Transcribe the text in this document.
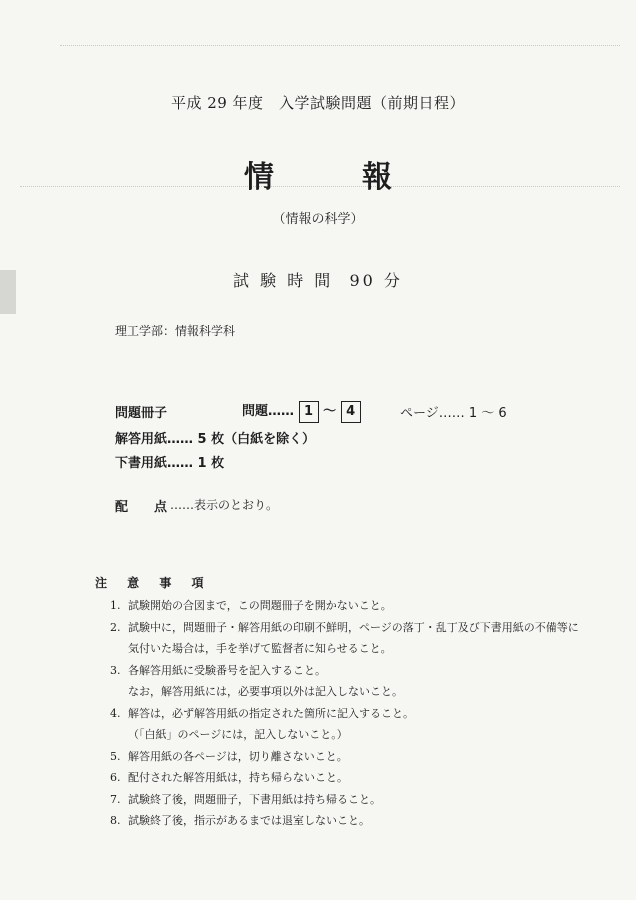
平成 29 年度　入学試験問題（前期日程）
情	報
（情報の科学）
試 験 時 間 90 分
理工学部：情報科学科
問題冊子	問題…… 1 〜 4	ページ…… 1 〜 6
解答用紙…… 5 枚（白紙を除く）
下書用紙…… 1 枚
配　　点 ……表示のとおり。
注 意 事 項
1. 試験開始の合図まで，この問題冊子を開かないこと。
2. 試験中に，問題冊子・解答用紙の印刷不鮮明，ページの落丁・乱丁及び下書用紙の不備等に
気付いた場合は，手を挙げて監督者に知らせること。
3. 各解答用紙に受験番号を記入すること。
なお，解答用紙には，必要事項以外は記入しないこと。
4. 解答は，必ず解答用紙の指定された箇所に記入すること。
（「白紙」のページには，記入しないこと。）
5. 解答用紙の各ページは，切り離さないこと。
6. 配付された解答用紙は，持ち帰らないこと。
7. 試験終了後，問題冊子，下書用紙は持ち帰ること。
8. 試験終了後，指示があるまでは退室しないこと。
